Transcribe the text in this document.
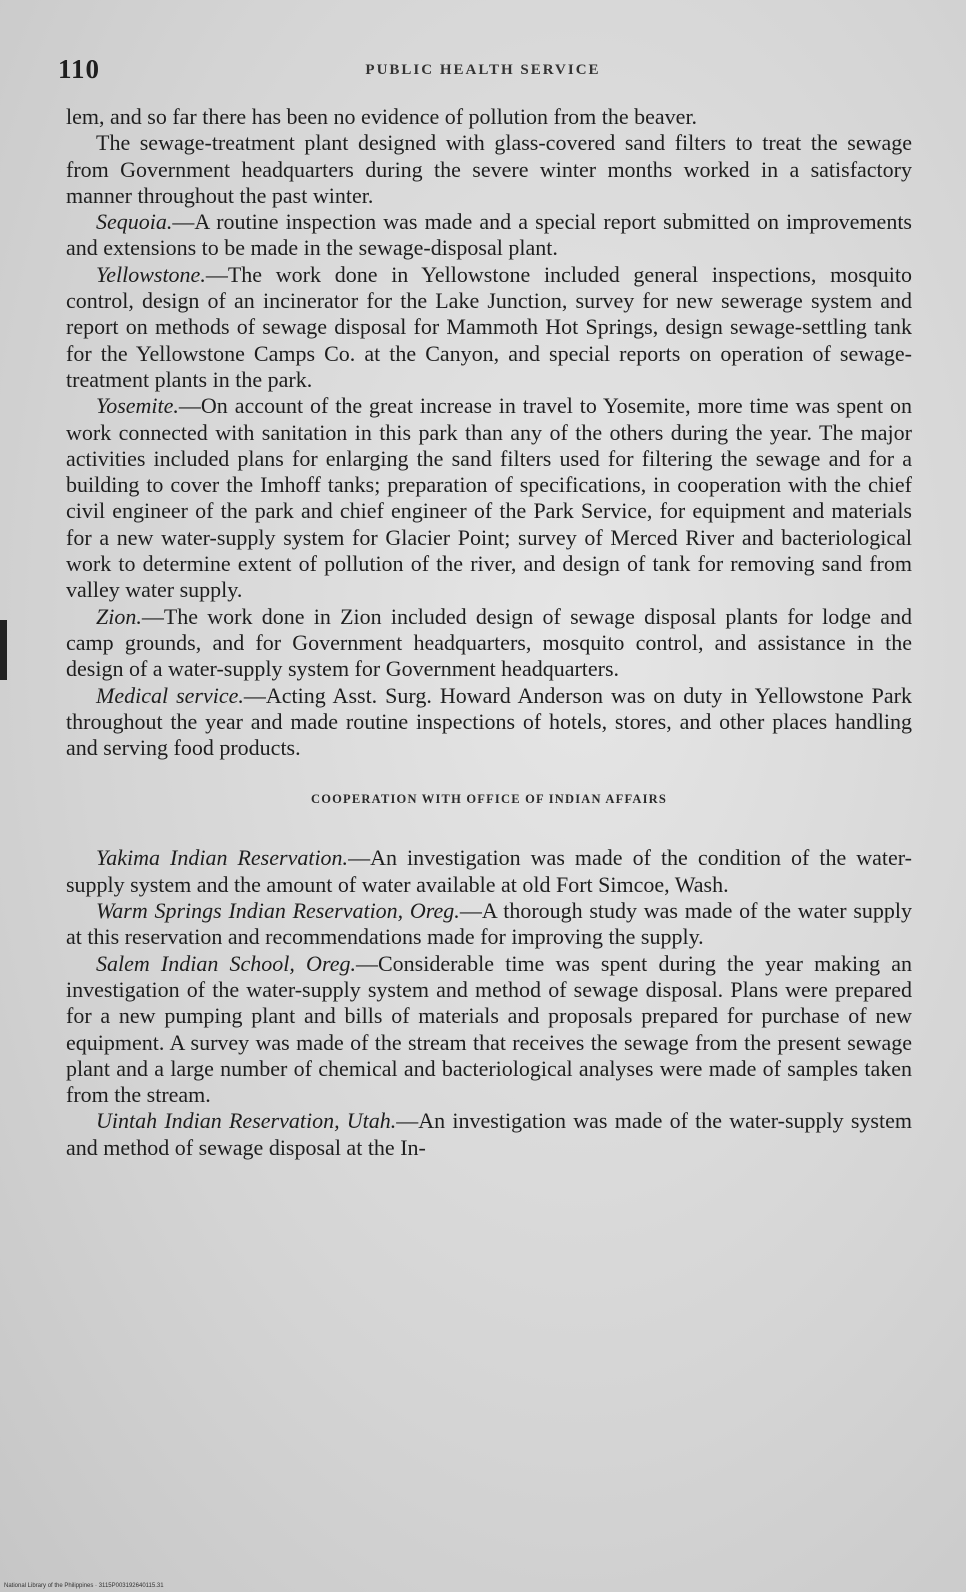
110	PUBLIC HEALTH SERVICE

lem, and so far there has been no evidence of pollution from the beaver.

The sewage-treatment plant designed with glass-covered sand filters to treat the sewage from Government headquarters during the severe winter months worked in a satisfactory manner throughout the past winter.

Sequoia.—A routine inspection was made and a special report submitted on improvements and extensions to be made in the sewage-disposal plant.

Yellowstone.—The work done in Yellowstone included general inspections, mosquito control, design of an incinerator for the Lake Junction, survey for new sewerage system and report on methods of sewage disposal for Mammoth Hot Springs, design sewage-settling tank for the Yellowstone Camps Co. at the Canyon, and special reports on operation of sewage-treatment plants in the park.

Yosemite.—On account of the great increase in travel to Yosemite, more time was spent on work connected with sanitation in this park than any of the others during the year. The major activities included plans for enlarging the sand filters used for filtering the sewage and for a building to cover the Imhoff tanks; preparation of specifications, in cooperation with the chief civil engineer of the park and chief engineer of the Park Service, for equipment and materials for a new water-supply system for Glacier Point; survey of Merced River and bacteriological work to determine extent of pollution of the river, and design of tank for removing sand from valley water supply.

Zion.—The work done in Zion included design of sewage disposal plants for lodge and camp grounds, and for Government headquarters, mosquito control, and assistance in the design of a water-supply system for Government headquarters.

Medical service.—Acting Asst. Surg. Howard Anderson was on duty in Yellowstone Park throughout the year and made routine inspections of hotels, stores, and other places handling and serving food products.

COOPERATION WITH OFFICE OF INDIAN AFFAIRS

Yakima Indian Reservation.—An investigation was made of the condition of the water-supply system and the amount of water available at old Fort Simcoe, Wash.

Warm Springs Indian Reservation, Oreg.—A thorough study was made of the water supply at this reservation and recommendations made for improving the supply.

Salem Indian School, Oreg.—Considerable time was spent during the year making an investigation of the water-supply system and method of sewage disposal. Plans were prepared for a new pumping plant and bills of materials and proposals prepared for purchase of new equipment. A survey was made of the stream that receives the sewage from the present sewage plant and a large number of chemical and bacteriological analyses were made of samples taken from the stream.

Uintah Indian Reservation, Utah.—An investigation was made of the water-supply system and method of sewage disposal at the In-

National Library of the Philippines · 3115P003192640115.31
